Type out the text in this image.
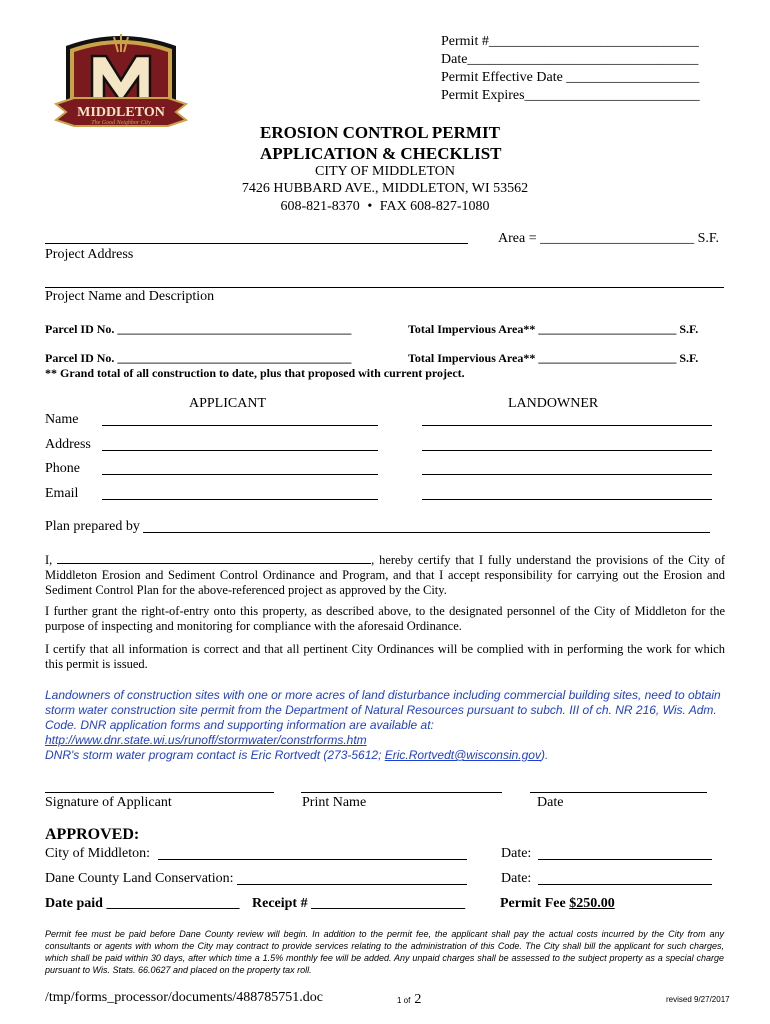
MIDDLETON
The Good Neighbor City
Permit #______________________________
Date_________________________________
Permit Effective Date ___________________
Permit Expires_________________________
EROSION CONTROL PERMIT
APPLICATION & CHECKLIST
CITY OF MIDDLETON
7426 HUBBARD AVE., MIDDLETON, WI 53562
608-821-8370 • FAX 608-827-1080
Area = ______________________ S.F.
Project Address
Project Name and Description
Parcel ID No. _______________________________________	Total Impervious Area** _______________________ S.F.
Parcel ID No. _______________________________________	Total Impervious Area** _______________________ S.F.
** Grand total of all construction to date, plus that proposed with current project.
APPLICANT	LANDOWNER
Name
Address
Phone
Email
Plan prepared by
I,	, hereby certify that I fully understand the provisions of the City of Middleton Erosion and Sediment Control Ordinance and Program, and that I accept responsibility for carrying out the Erosion and Sediment Control Plan for the above-referenced project as approved by the City.
I further grant the right-of-entry onto this property, as described above, to the designated personnel of the City of Middleton for the purpose of inspecting and monitoring for compliance with the aforesaid Ordinance.
I certify that all information is correct and that all pertinent City Ordinances will be complied with in performing the work for which this permit is issued.
Landowners of construction sites with one or more acres of land disturbance including commercial building sites, need to obtain storm water construction site permit from the Department of Natural Resources pursuant to subch. III of ch. NR 216, Wis. Adm. Code. DNR application forms and supporting information are available at:
http://www.dnr.state.wi.us/runoff/stormwater/constrforms.htm
DNR's storm water program contact is Eric Rortvedt (273-5612; Eric.Rortvedt@wisconsin.gov).
Signature of Applicant	Print Name	Date
APPROVED:
City of Middleton:	Date:
Dane County Land Conservation:	Date:
Date paid ___________________ Receipt # ______________________ Permit Fee $250.00
Permit fee must be paid before Dane County review will begin. In addition to the permit fee, the applicant shall pay the actual costs incurred by the City from any consultants or agents with whom the City may contract to provide services relating to the administration of this Code. The City shall bill the applicant for such charges, which shall be paid within 30 days, after which time a 1.5% monthly fee will be added. Any unpaid charges shall be assessed to the subject property as a special charge pursuant to Wis. Stats. 66.0627 and placed on the property tax roll.
/tmp/forms_processor/documents/488785751.doc	1 of 2	revised 9/27/2017
